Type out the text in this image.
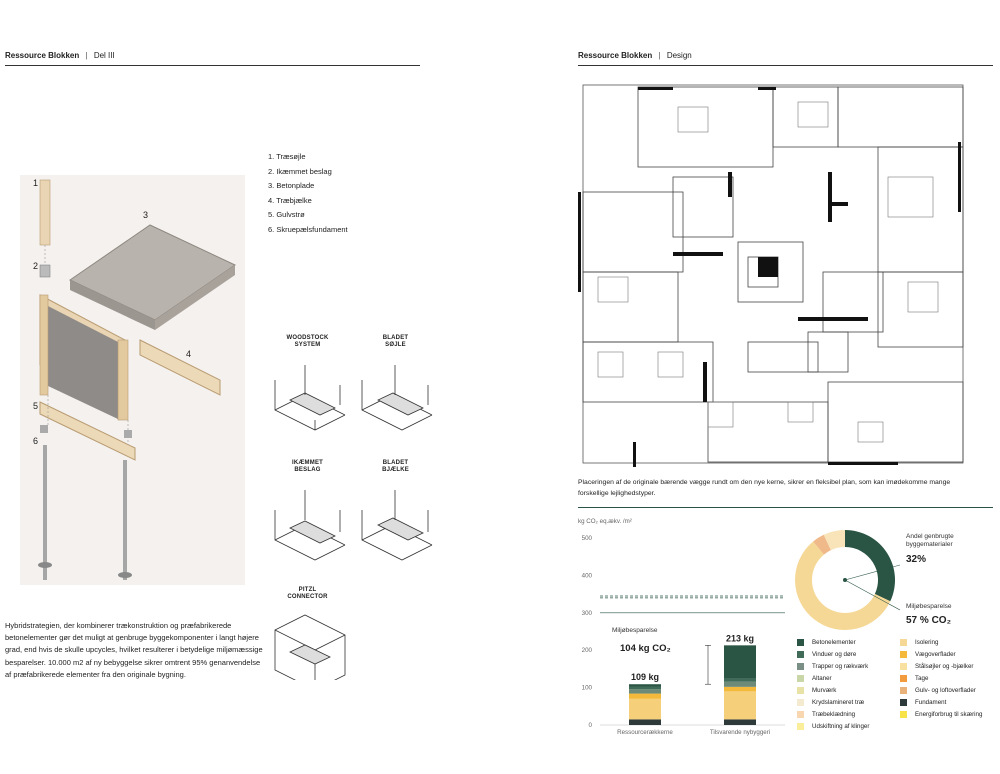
Ressource Blokken | Del III
1
2
3
4
5
6
1. Træsøjle
2. Ikæmmet beslag
3. Betonplade
4. Træbjælke
5. Gulvstrø
6. Skruepælsfundament
WOODSTOCK
SYSTEM
BLADET
SØJLE
IKÆMMET
BESLAG
BLADET
BJÆLKE
PITZL
CONNECTOR
Hybridstrategien, der kombinerer trækonstruktion og præfabrikerede betonelementer gør det muligt at genbruge byggekomponenter i langt højere grad, end hvis de skulle upcycles, hvilket resulterer i betydelige miljømæssige besparelser. 10.000 m2 af ny bebyggelse sikrer omtrent 95% genanvendelse af præfabrikerede elementer fra den originale bygning.
Ressource Blokken | Design
Placeringen af de originale bærende vægge rundt om den nye kerne, sikrer en fleksibel plan, som kan imødekomme mange forskellige lejlighedstyper.
kg CO₂ eq.ækv. /m²
0
100
200
300
400
500
109 kg
Ressourcerækkerne
213 kg
Tilsvarende nybyggeri
Miljøbesparelse
104 kg CO₂
Andel genbrugte
byggematerialer
32%
Miljøbesparelse
57 % CO₂
Betonelementer	Isolering
Vinduer og døre	Vægoverflader
Trapper og rækværk	Stålsøjler og -bjælker
Altaner	Tage
Murværk	Gulv- og loftoverflader
Krydslamineret træ	Fundament
Træbeklædning	Energiforbrug til skæring
Udskiftning af klinger
